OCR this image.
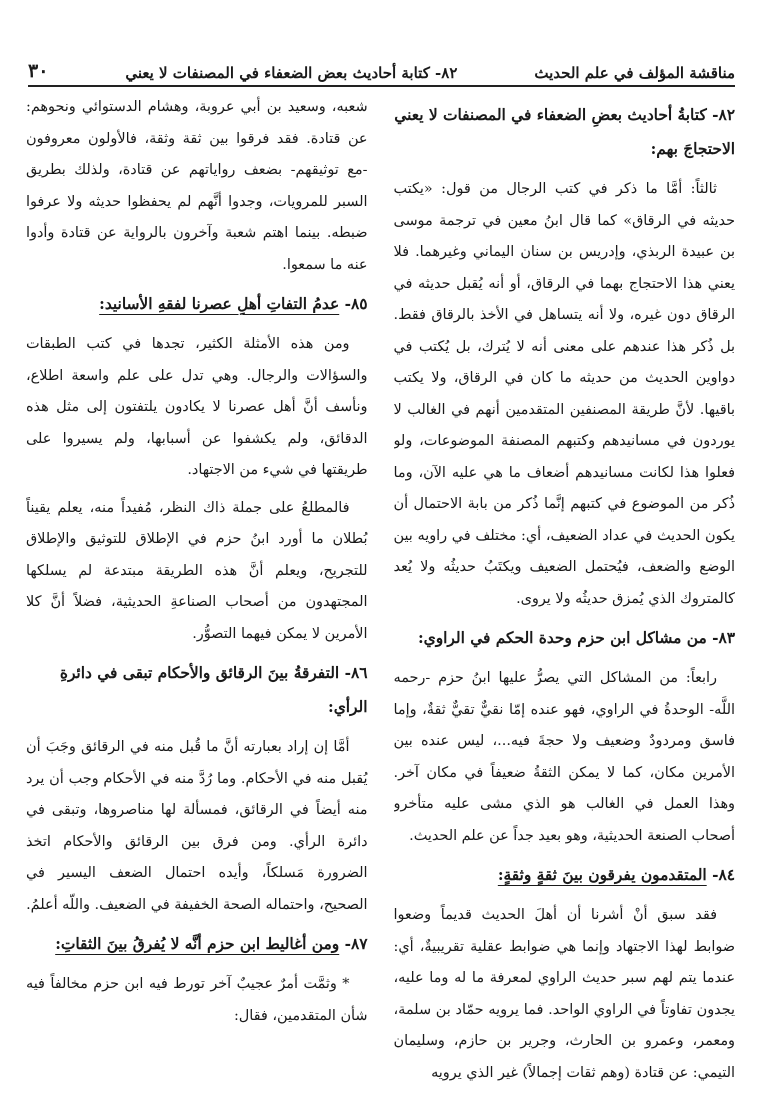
مناقشة المؤلف في علم الحديث
٨٢- كتابة أحاديث بعض الضعفاء في المصنفات لا يعني
٣٠
٨٢- كتابةُ أحاديث بعضِ الضعفاء في المصنفات لا يعني الاحتجاجَ بهم:

ثالثاً: أمَّا ما ذكر في كتب الرجال من قول: «يكتب حديثه في الرقاق» كما قال ابنُ معين في ترجمة موسى بن عبيدة الربذي، وإدريس بن سنان اليماني وغيرهما. فلا يعني هذا الاحتجاج بهما في الرقاق، أو أنه يُقبل حديثه في الرقاق دون غيره، ولا أنه يتساهل في الأخذ بالرقاق فقط. بل ذُكر هذا عندهم على معنى أنه لا يُترك، بل يُكتب في دواوين الحديث من حديثه ما كان في الرقاق، ولا يكتب باقيها. لأنَّ طريقة المصنفين المتقدمين أنهم في الغالب لا يوردون في مسانيدهم وكتبهم المصنفة الموضوعات، ولو فعلوا هذا لكانت مسانيدهم أضعاف ما هي عليه الآن، وما ذُكر من الموضوع في كتبهم إنَّما ذُكر من بابة الاحتمال أن يكون الحديث في عداد الضعيف، أي: مختلف في راويه بين الوضع والضعف، فيُحتمل الضعيف ويكتَبُ حديثُه ولا يُعد كالمتروك الذي يُمزق حديثُه ولا يروى.

٨٣- من مشاكل ابن حزم وحدة الحكم في الراوي:

رابعاً: من المشاكل التي يصرُّ عليها ابنُ حزم -رحمه اللَّه- الوحدةُ في الراوي، فهو عنده إمّا نقيٌّ تقيٌّ ثقةٌ، وإما فاسق ومردودٌ وضعيف ولا حجةَ فيه...، ليس عنده بين الأمرين مكان، كما لا يمكن الثقةُ ضعيفاً في مكان آخر. وهذا العمل في الغالب هو الذي مشى عليه متأخرو أصحاب الصنعة الحديثية، وهو بعيد جداً عن علم الحديث.

٨٤- المتقدمون يفرقون بينَ ثقةٍ وثقةٍ:

فقد سبق أنْ أشرنا أن أهلَ الحديث قديماً وضعوا ضوابط لهذا الاجتهاد وإنما هي ضوابط عقلية تقريبيةٌ، أي: عندما يتم لهم سبر حديث الراوي لمعرفة ما له وما عليه، يجدون تفاوتاً في الراوي الواحد. فما يرويه حمّاد بن سلمة، ومعمر، وعمرو بن الحارث، وجرير بن حازم، وسليمان التيمي: عن قتادة (وهم ثقات إجمالاً) غير الذي يرويه

شعبه، وسعيد بن أبي عروبة، وهشام الدستوائي ونحوهم: عن قتادة. فقد فرقوا بين ثقة وثقة، فالأولون معروفون -مع توثيقهم- بضعف رواياتهم عن قتادة، ولذلك بطريق السبر للمرويات، وجدوا أنَّهم لم يحفظوا حديثه ولا عرفوا ضبطه. بينما اهتم شعبة وآخرون بالرواية عن قتادة وأدوا عنه ما سمعوا.

٨٥- عدمُ التفاتِ أهلِ عصرنا لفقهِ الأسانيد:

ومن هذه الأمثلة الكثير، تجدها في كتب الطبقات والسؤالات والرجال. وهي تدل على علم واسعة اطلاع، ونأسف أنَّ أهل عصرنا لا يكادون يلتفتون إلى مثل هذه الدقائق، ولم يكشفوا عن أسبابها، ولم يسيروا على طريقتها في شيء من الاجتهاد.

فالمطلعُ على جملة ذاك النظر، مُفيداً منه، يعلم يقيناً بُطلان ما أورد ابنُ حزم في الإطلاق للتوثيق والإطلاق للتجريح، ويعلم أنَّ هذه الطريقة مبتدعة لم يسلكها المجتهدون من أصحاب الصناعةِ الحديثية، فضلاً أنَّ كلا الأمرين لا يمكن فيهما التصوُّر.

٨٦- التفرقةُ بينَ الرقائق والأحكام تبقى في دائرةِ الرأي:

أمَّا إن إراد بعبارته أنَّ ما قُبل منه في الرقائق وجَبَ أن يُقبل منه في الأحكام. وما رُدَّ منه في الأحكام وجب أن يرد منه أيضاً في الرقائق، فمسألة لها مناصروها، وتبقى في دائرة الرأي. ومن فرق بين الرقائق والأحكام اتخذ الضرورة مَسلكاً، وأيده احتمال الضعف اليسير في الصحيح، واحتماله الصحة الخفيفة في الضعيف. واللّه أعلمُ.

٨٧- ومن أغاليط ابن حزم أنَّه لا يُفرقُ بينَ الثقاتِ:

* وثمَّت أمرٌ عجيبٌ آخر تورط فيه ابن حزم مخالفاً فيه شأن المتقدمين، فقال:
